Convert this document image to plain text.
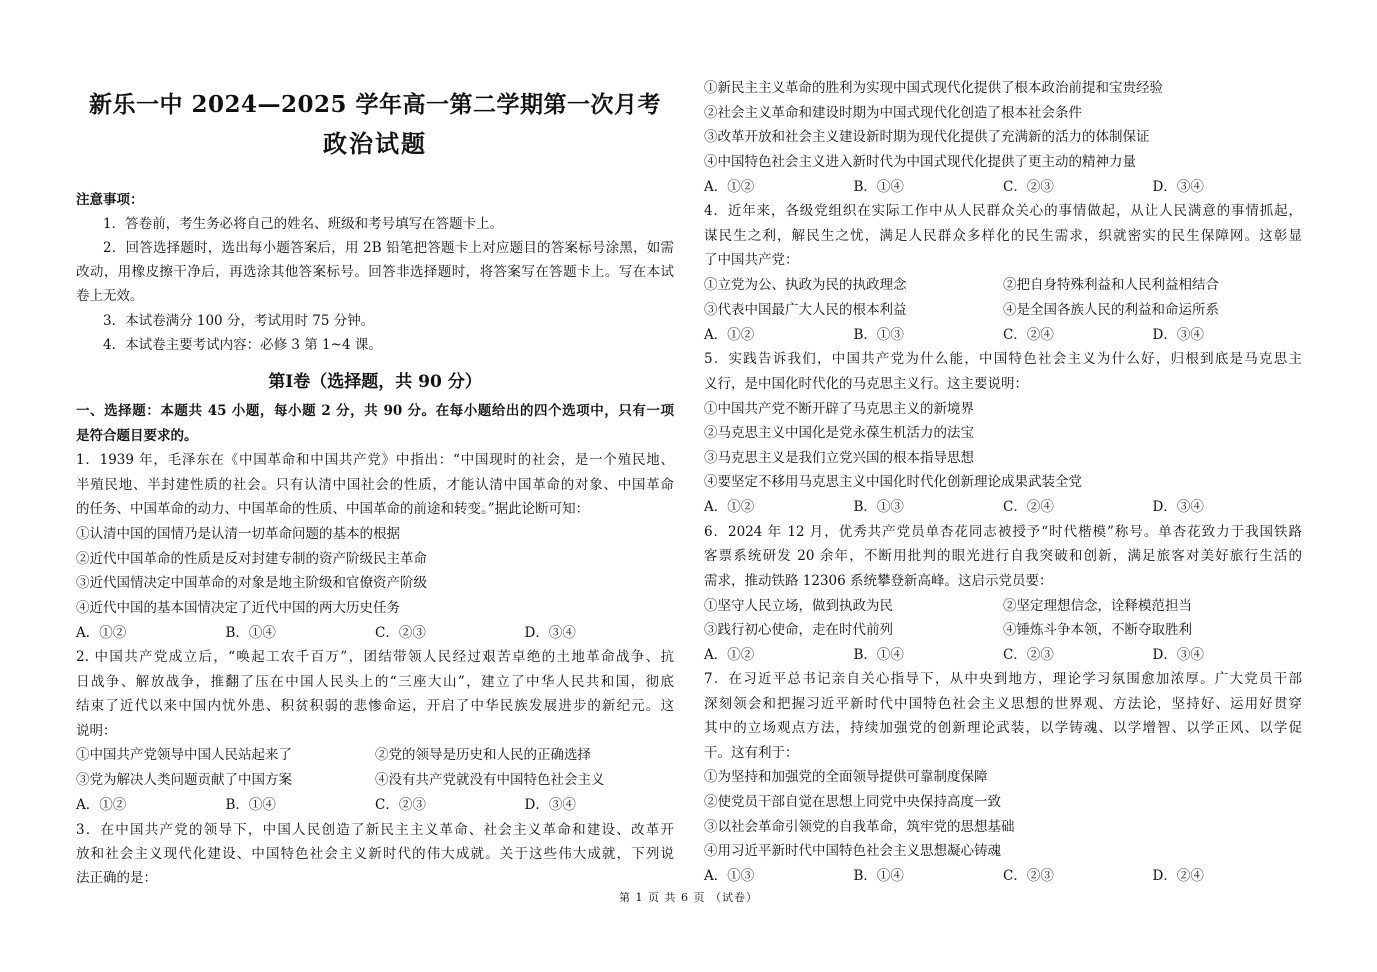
新乐一中 2024—2025 学年高一第二学期第一次月考
政治试题
注意事项：
1．答卷前，考生务必将自己的姓名、班级和考号填写在答题卡上。
2．回答选择题时，选出每小题答案后，用 2B 铅笔把答题卡上对应题目的答案标号涂黑，如需
改动，用橡皮擦干净后，再选涂其他答案标号。回答非选择题时，将答案写在答题卡上。写在本试
卷上无效。
3．本试卷满分 100 分，考试用时 75 分钟。
4．本试卷主要考试内容：必修 3 第 1~4 课。
第Ⅰ卷（选择题，共 90 分）
一、选择题：本题共 45 小题，每小题 2 分，共 90 分。在每小题给出的四个选项中，只有一项
是符合题目要求的。
1．1939 年，毛泽东在《中国革命和中国共产党》中指出：“中国现时的社会，是一个殖民地、
半殖民地、半封建性质的社会。只有认清中国社会的性质，才能认清中国革命的对象、中国革命
的任务、中国革命的动力、中国革命的性质、中国革命的前途和转变。”据此论断可知：
①认清中国的国情乃是认清一切革命问题的基本的根据
②近代中国革命的性质是反对封建专制的资产阶级民主革命
③近代国情决定中国革命的对象是地主阶级和官僚资产阶级
④近代中国的基本国情决定了近代中国的两大历史任务
A．①②	B．①④	C．②③	D．③④
2. 中国共产党成立后，“唤起工农千百万”，团结带领人民经过艰苦卓绝的土地革命战争、抗
日战争、解放战争，推翻了压在中国人民头上的“三座大山”，建立了中华人民共和国，彻底
结束了近代以来中国内忧外患、积贫积弱的悲惨命运，开启了中华民族发展进步的新纪元。这
说明：
①中国共产党领导中国人民站起来了	②党的领导是历史和人民的正确选择
③党为解决人类问题贡献了中国方案	④没有共产党就没有中国特色社会主义
A．①②	B．①④	C．②③	D．③④
3．在中国共产党的领导下，中国人民创造了新民主主义革命、社会主义革命和建设、改革开
放和社会主义现代化建设、中国特色社会主义新时代的伟大成就。关于这些伟大成就，下列说
法正确的是：
①新民主主义革命的胜利为实现中国式现代化提供了根本政治前提和宝贵经验
②社会主义革命和建设时期为中国式现代化创造了根本社会条件
③改革开放和社会主义建设新时期为现代化提供了充满新的活力的体制保证
④中国特色社会主义进入新时代为中国式现代化提供了更主动的精神力量
A．①②	B．①④	C．②③	D．③④
4．近年来，各级党组织在实际工作中从人民群众关心的事情做起，从让人民满意的事情抓起，
谋民生之利，解民生之忧，满足人民群众多样化的民生需求，织就密实的民生保障网。这彰显
了中国共产党：
①立党为公、执政为民的执政理念	②把自身特殊利益和人民利益相结合
③代表中国最广大人民的根本利益	④是全国各族人民的利益和命运所系
A．①②	B．①③	C．②④	D．③④
5．实践告诉我们，中国共产党为什么能，中国特色社会主义为什么好，归根到底是马克思主
义行，是中国化时代化的马克思主义行。这主要说明：
①中国共产党不断开辟了马克思主义的新境界
②马克思主义中国化是党永葆生机活力的法宝
③马克思主义是我们立党兴国的根本指导思想
④要坚定不移用马克思主义中国化时代化创新理论成果武装全党
A．①②	B．①③	C．②④	D．③④
6．2024 年 12 月，优秀共产党员单杏花同志被授予“时代楷模”称号。单杏花致力于我国铁路
客票系统研发 20 余年，不断用批判的眼光进行自我突破和创新，满足旅客对美好旅行生活的
需求，推动铁路 12306 系统攀登新高峰。这启示党员要：
①坚守人民立场，做到执政为民	②坚定理想信念，诠释模范担当
③践行初心使命，走在时代前列	④锤炼斗争本领，不断夺取胜利
A．①②	B．①④	C．②③	D．③④
7．在习近平总书记亲自关心指导下，从中央到地方，理论学习氛围愈加浓厚。广大党员干部
深刻领会和把握习近平新时代中国特色社会主义思想的世界观、方法论，坚持好、运用好贯穿
其中的立场观点方法，持续加强党的创新理论武装，以学铸魂、以学增智、以学正风、以学促
干。这有利于：
①为坚持和加强党的全面领导提供可靠制度保障
②使党员干部自觉在思想上同党中央保持高度一致
③以社会革命引领党的自我革命，筑牢党的思想基础
④用习近平新时代中国特色社会主义思想凝心铸魂
A．①③	B．①④	C．②③	D．②④
第 1 页 共 6 页 （试卷）
